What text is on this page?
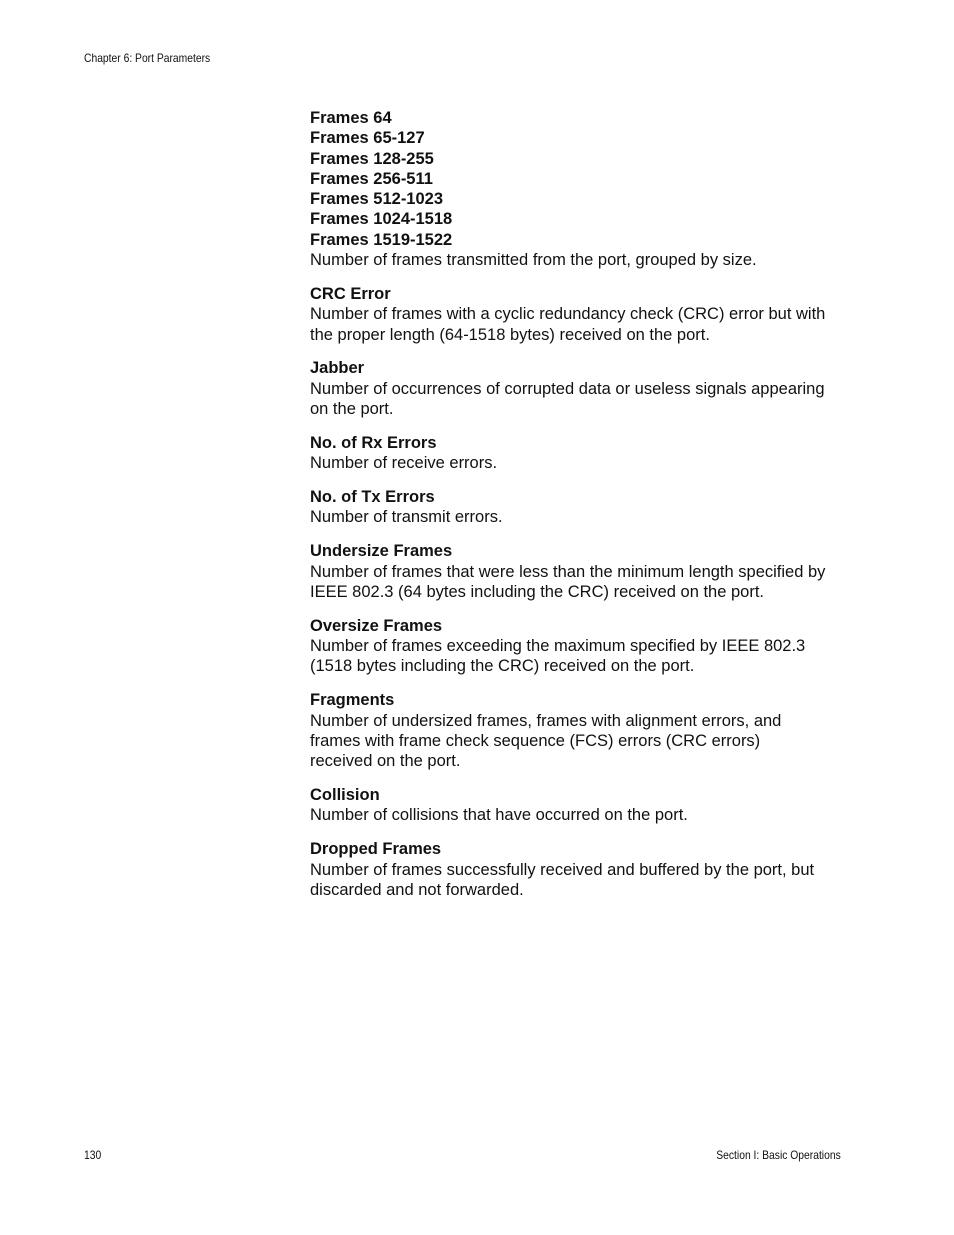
Chapter 6: Port Parameters
Frames 64
Frames 65-127
Frames 128-255
Frames 256-511
Frames 512-1023
Frames 1024-1518
Frames 1519-1522
Number of frames transmitted from the port, grouped by size.
CRC Error
Number of frames with a cyclic redundancy check (CRC) error but with
the proper length (64-1518 bytes) received on the port.
Jabber
Number of occurrences of corrupted data or useless signals appearing
on the port.
No. of Rx Errors
Number of receive errors.
No. of Tx Errors
Number of transmit errors.
Undersize Frames
Number of frames that were less than the minimum length specified by
IEEE 802.3 (64 bytes including the CRC) received on the port.
Oversize Frames
Number of frames exceeding the maximum specified by IEEE 802.3
(1518 bytes including the CRC) received on the port.
Fragments
Number of undersized frames, frames with alignment errors, and
frames with frame check sequence (FCS) errors (CRC errors)
received on the port.
Collision
Number of collisions that have occurred on the port.
Dropped Frames
Number of frames successfully received and buffered by the port, but
discarded and not forwarded.
130	Section I: Basic Operations
